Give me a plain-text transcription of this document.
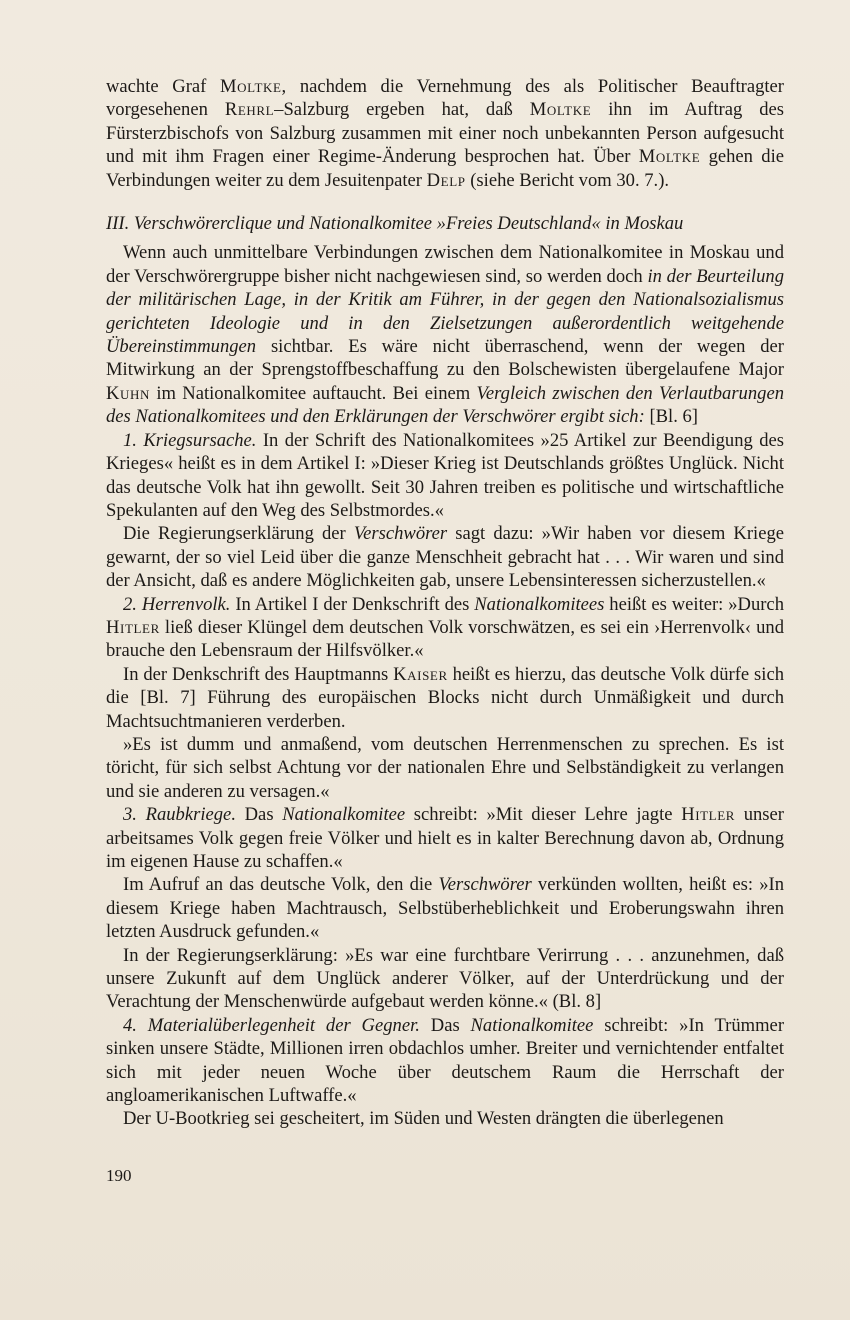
wachte Graf Moltke, nachdem die Vernehmung des als Politischer Beauftragter vorgesehenen Rehrl–Salzburg ergeben hat, daß Moltke ihn im Auftrag des Fürsterzbischofs von Salzburg zusammen mit einer noch unbekannten Person aufgesucht und mit ihm Fragen einer Regime-Änderung besprochen hat. Über Moltke gehen die Verbindungen weiter zu dem Jesuitenpater Delp (siehe Bericht vom 30. 7.).

III. Verschwörerclique und Nationalkomitee »Freies Deutschland« in Moskau

Wenn auch unmittelbare Verbindungen zwischen dem Nationalkomitee in Moskau und der Verschwörergruppe bisher nicht nachgewiesen sind, so werden doch in der Beurteilung der militärischen Lage, in der Kritik am Führer, in der gegen den Nationalsozialismus gerichteten Ideologie und in den Zielsetzungen außerordentlich weitgehende Übereinstimmungen sichtbar. Es wäre nicht überraschend, wenn der wegen der Mitwirkung an der Sprengstoffbeschaffung zu den Bolschewisten übergelaufene Major Kuhn im Nationalkomitee auftaucht. Bei einem Vergleich zwischen den Verlautbarungen des Nationalkomitees und den Erklärungen der Verschwörer ergibt sich: [Bl. 6]

1. Kriegsursache. In der Schrift des Nationalkomitees »25 Artikel zur Beendigung des Krieges« heißt es in dem Artikel I: »Dieser Krieg ist Deutschlands größtes Unglück. Nicht das deutsche Volk hat ihn gewollt. Seit 30 Jahren treiben es politische und wirtschaftliche Spekulanten auf den Weg des Selbstmordes.«

Die Regierungserklärung der Verschwörer sagt dazu: »Wir haben vor diesem Kriege gewarnt, der so viel Leid über die ganze Menschheit gebracht hat . . . Wir waren und sind der Ansicht, daß es andere Möglichkeiten gab, unsere Lebensinteressen sicherzustellen.«

2. Herrenvolk. In Artikel I der Denkschrift des Nationalkomitees heißt es weiter: »Durch Hitler ließ dieser Klüngel dem deutschen Volk vorschwätzen, es sei ein ›Herrenvolk‹ und brauche den Lebensraum der Hilfsvölker.«

In der Denkschrift des Hauptmanns Kaiser heißt es hierzu, das deutsche Volk dürfe sich die [Bl. 7] Führung des europäischen Blocks nicht durch Unmäßigkeit und durch Machtsuchtmanieren verderben.

»Es ist dumm und anmaßend, vom deutschen Herrenmenschen zu sprechen. Es ist töricht, für sich selbst Achtung vor der nationalen Ehre und Selbständigkeit zu verlangen und sie anderen zu versagen.«

3. Raubkriege. Das Nationalkomitee schreibt: »Mit dieser Lehre jagte Hitler unser arbeitsames Volk gegen freie Völker und hielt es in kalter Berechnung davon ab, Ordnung im eigenen Hause zu schaffen.«

Im Aufruf an das deutsche Volk, den die Verschwörer verkünden wollten, heißt es: »In diesem Kriege haben Machtrausch, Selbstüberheblichkeit und Eroberungswahn ihren letzten Ausdruck gefunden.«

In der Regierungserklärung: »Es war eine furchtbare Verirrung . . . anzunehmen, daß unsere Zukunft auf dem Unglück anderer Völker, auf der Unterdrückung und der Verachtung der Menschenwürde aufgebaut werden könne.« (Bl. 8]

4. Materialüberlegenheit der Gegner. Das Nationalkomitee schreibt: »In Trümmer sinken unsere Städte, Millionen irren obdachlos umher. Breiter und vernichtender entfaltet sich mit jeder neuen Woche über deutschem Raum die Herrschaft der angloamerikanischen Luftwaffe.«

Der U-Bootkrieg sei gescheitert, im Süden und Westen drängten die überlegenen

190
